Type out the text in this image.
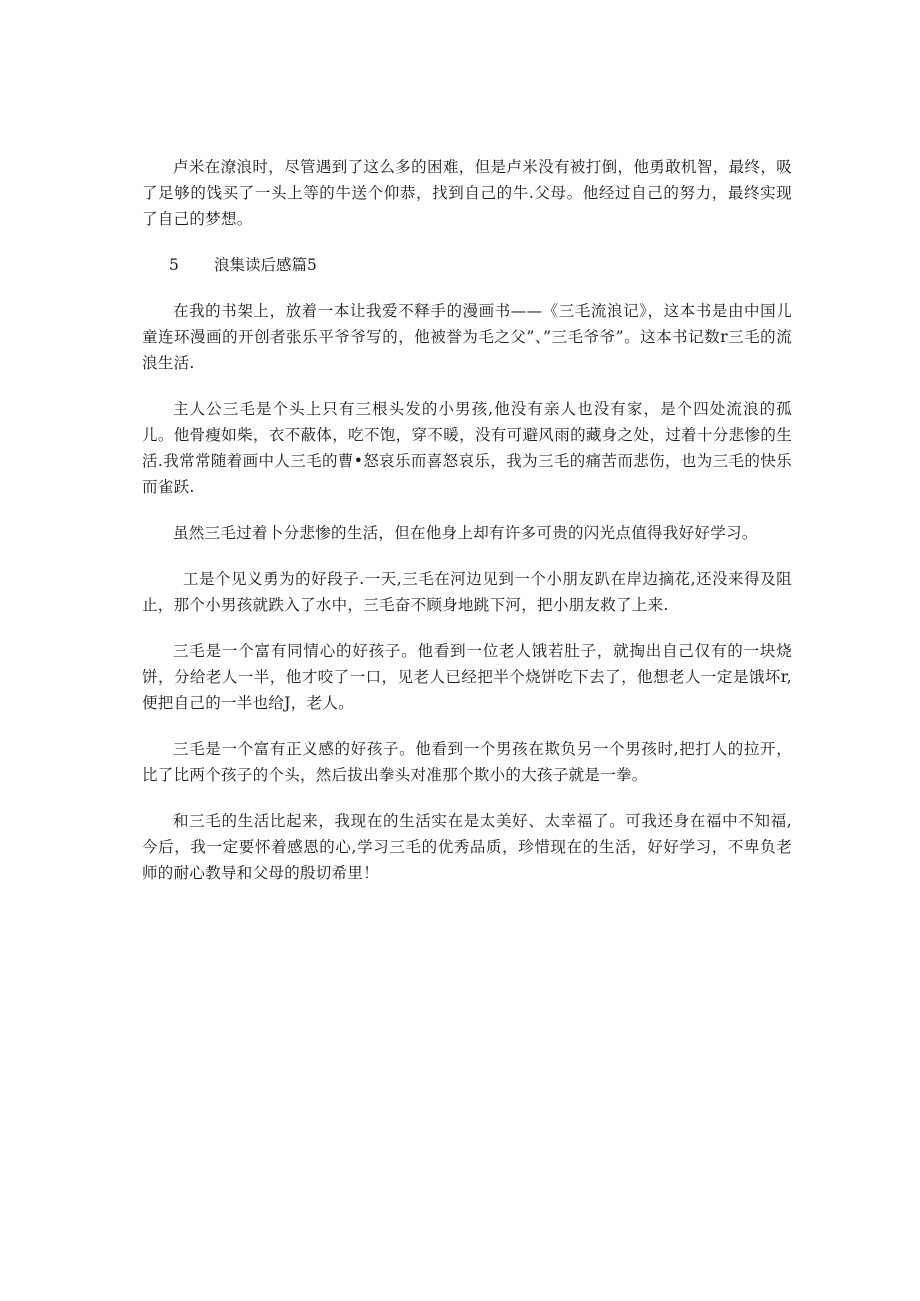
卢米在潦浪时，尽管遇到了这么多的困难，但是卢米没有被打倒，他勇敢机智，最终，吸了足够的饯买了一头上等的牛送个仰恭，找到自己的牛.父母。他经过自己的努力，最终实现了自己的梦想。

5	浪集读后感篇5

在我的书架上，放着一本让我爱不释手的漫画书——《三毛流浪记》，这本书是由中国儿童连环漫画的开创者张乐平爷爷写的，他被誉为毛之父”、”三毛爷爷”。这本书记数r三毛的流浪生活.

主人公三毛是个头上只有三根头发的小男孩,他没有亲人也没有家，是个四处流浪的孤儿。他骨瘦如柴，衣不蔽体，吃不饱，穿不暖，没有可避风雨的藏身之处，过着十分悲惨的生活.我常常随着画中人三毛的曹•怒哀乐而喜怒哀乐，我为三毛的痛苦而悲伤，也为三毛的快乐而雀跃.

虽然三毛过着卜分悲惨的生活，但在他身上却有许多可贵的闪光点值得我好好学习。

工是个见义勇为的好段子.一天,三毛在河边见到一个小朋友趴在岸边摘花,还没来得及阻止，那个小男孩就跌入了水中，三毛奋不顾身地跳下河，把小朋友救了上来.

三毛是一个富有同情心的好孩子。他看到一位老人饿若肚子，就掏出自己仅有的一块烧饼，分给老人一半，他才咬了一口，见老人已经把半个烧饼吃下去了，他想老人一定是饿坏r,便把自己的一半也给J，老人。

三毛是一个富有正义感的好孩子。他看到一个男孩在欺负另一个男孩时,把打人的拉开，比了比两个孩子的个头，然后拔出拳头对准那个欺小的大孩子就是一拳。

和三毛的生活比起来，我现在的生活实在是太美好、太幸福了。可我还身在福中不知福,今后，我一定要怀着感恩的心,学习三毛的优秀品质，珍惜现在的生活，好好学习，不卑负老师的耐心教导和父母的殷切希里！
